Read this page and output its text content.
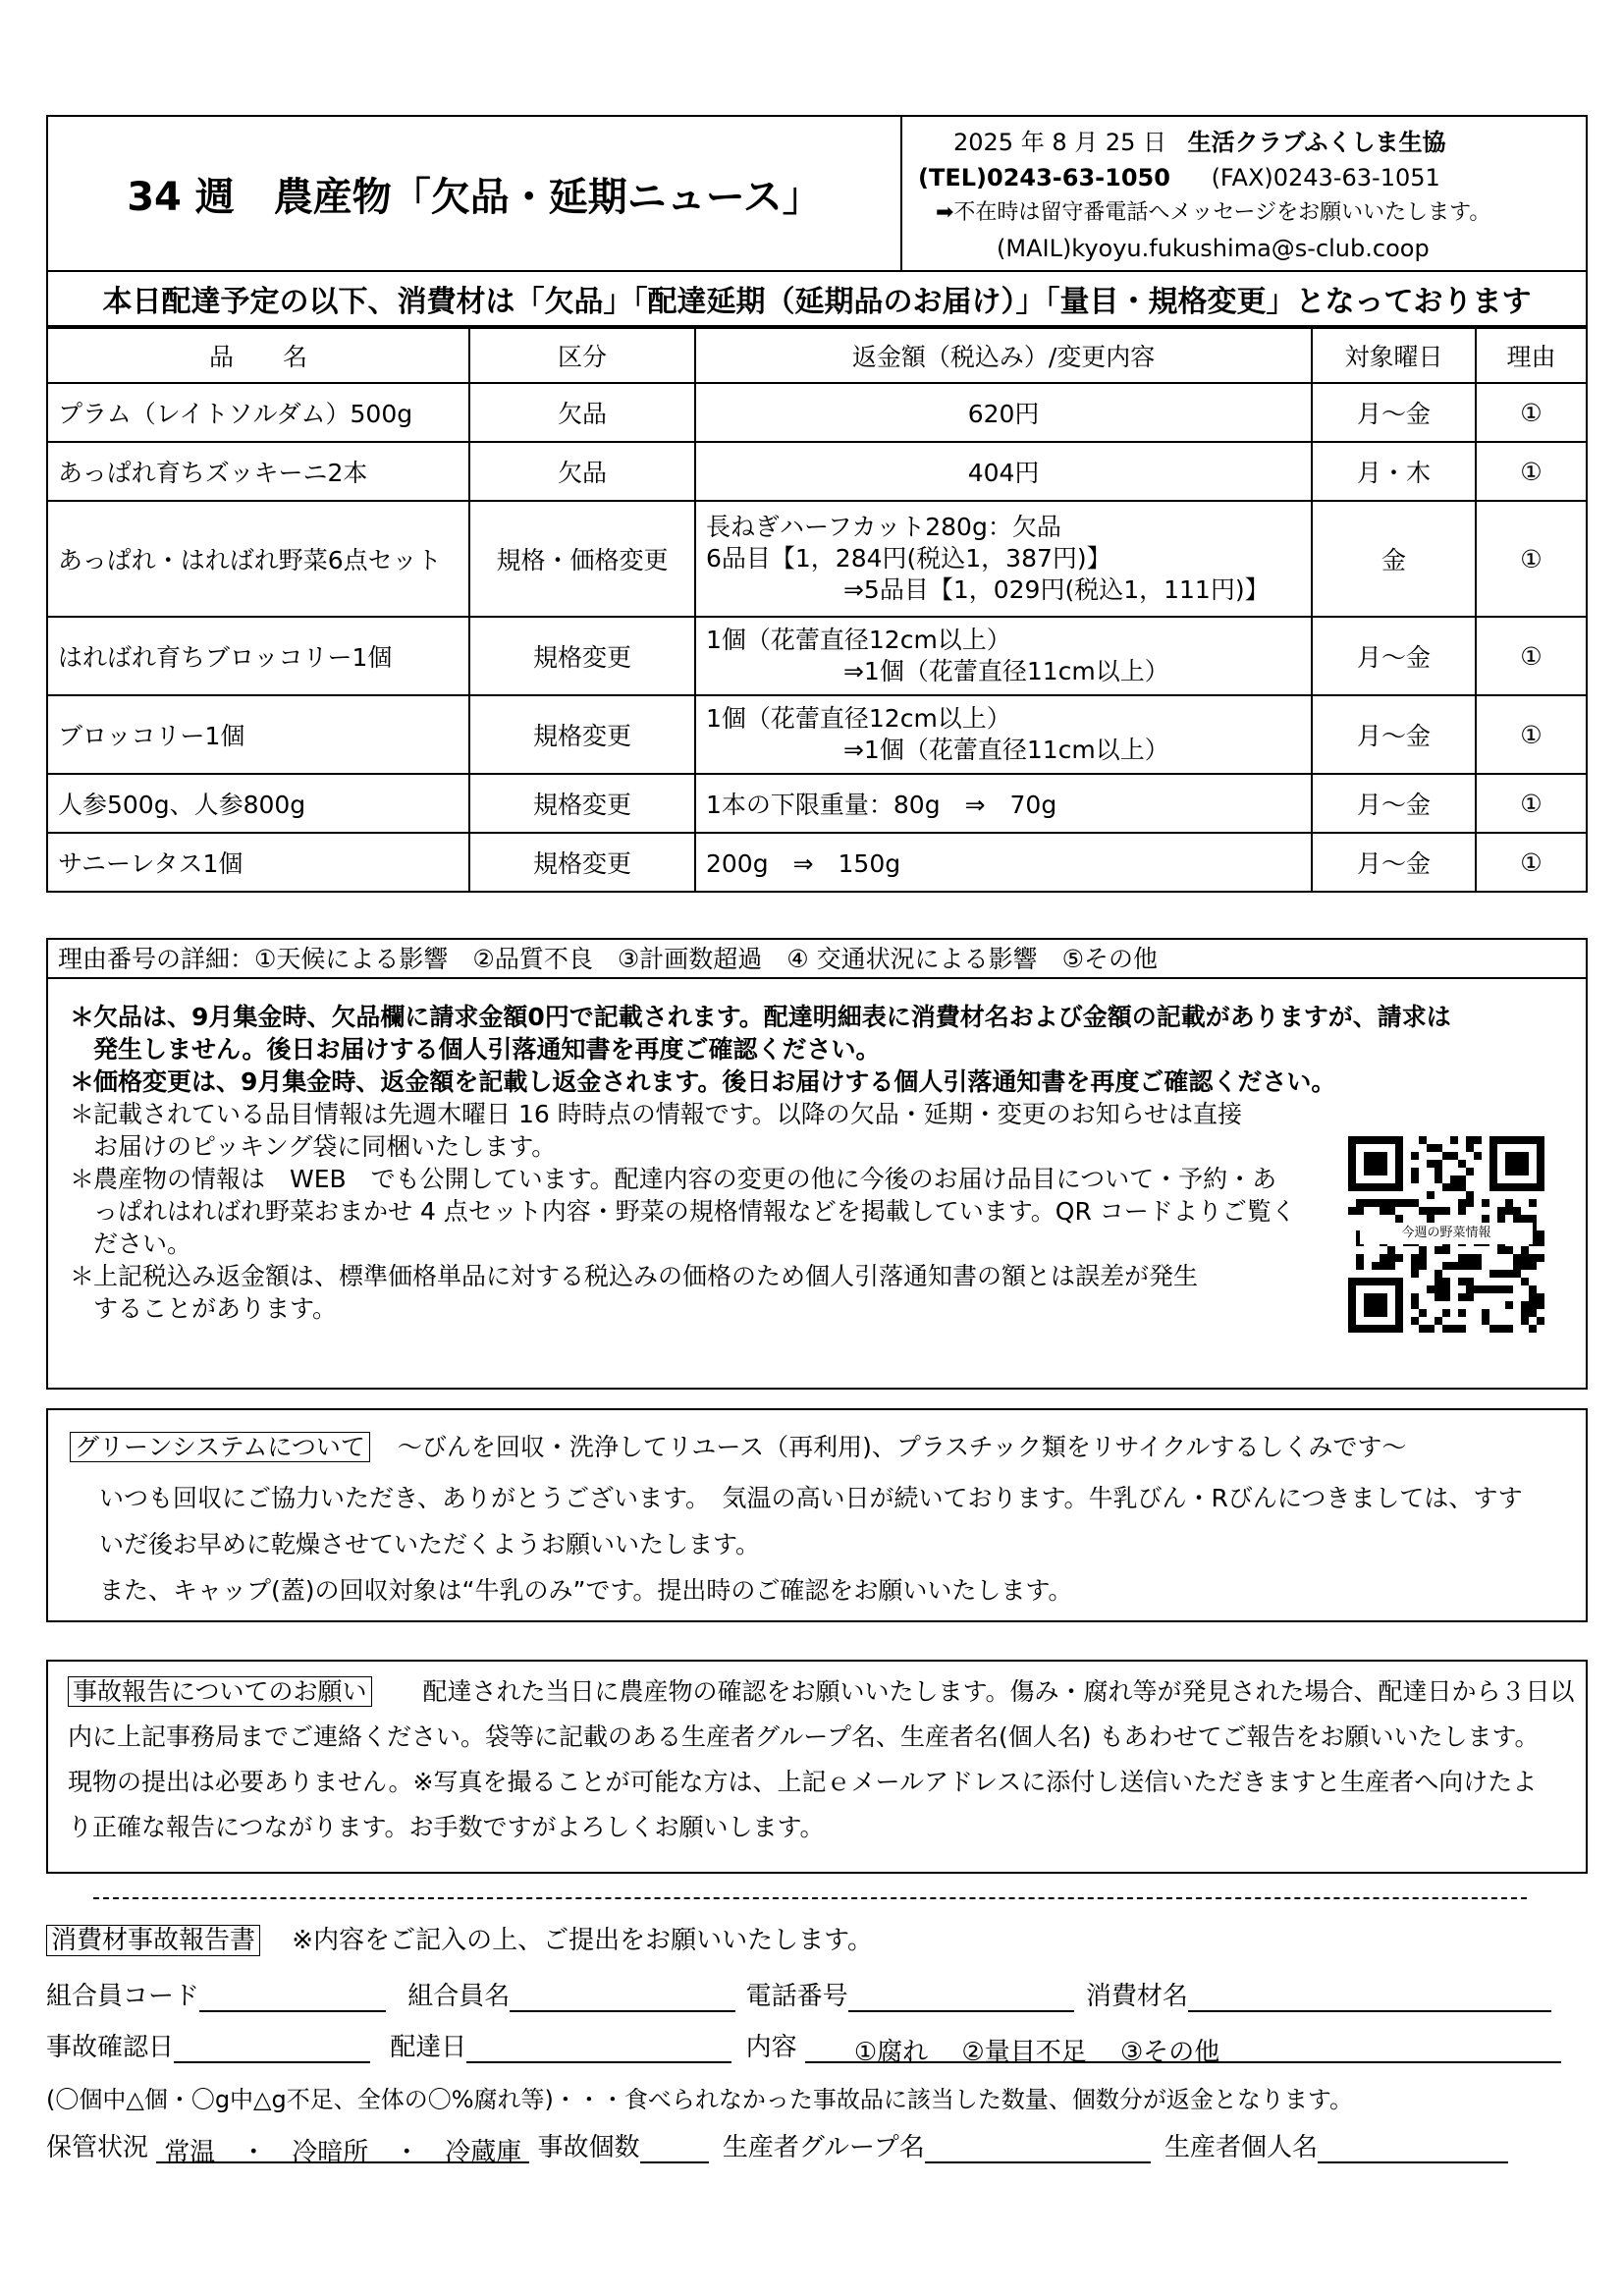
34 週　農産物「欠品・延期ニュース」
2025 年 8 月 25 日 生活クラブふくしま生協
(TEL)0243-63-1050 (FAX)0243-63-1051
➡不在時は留守番電話へメッセージをお願いいたします。
(MAIL)kyoyu.fukushima@s-club.coop
本日配達予定の以下、消費材は「欠品」「配達延期（延期品のお届け）」「量目・規格変更」となっております
品　　名	区分	返金額（税込み）/変更内容	対象曜日	理由
プラム（レイトソルダム）500g	欠品	620円	月～金	①
あっぱれ育ちズッキーニ2本	欠品	404円	月・木	①
あっぱれ・はればれ野菜6点セット	規格・価格変更	長ねぎハーフカット280g：欠品
6品目【1，284円(税込1，387円)】
⇒5品目【1，029円(税込1，111円)】	金	①
はればれ育ちブロッコリー1個	規格変更	1個（花蕾直径12cm以上）
⇒1個（花蕾直径11cm以上）	月～金	①
ブロッコリー1個	規格変更	1個（花蕾直径12cm以上）
⇒1個（花蕾直径11cm以上）	月～金	①
人参500g、人参800g	規格変更	1本の下限重量：80g　⇒　70g	月～金	①
サニーレタス1個	規格変更	200g　⇒　150g	月～金	①
理由番号の詳細：①天候による影響　②品質不良　③計画数超過　④ 交通状況による影響　⑤その他
＊欠品は、9月集金時、欠品欄に請求金額0円で記載されます。配達明細表に消費材名および金額の記載がありますが、請求は
発生しません。後日お届けする個人引落通知書を再度ご確認ください。
＊価格変更は、9月集金時、返金額を記載し返金されます。後日お届けする個人引落通知書を再度ご確認ください。
＊記載されている品目情報は先週木曜日 16 時時点の情報です。以降の欠品・延期・変更のお知らせは直接
お届けのピッキング袋に同梱いたします。
＊農産物の情報は　WEB　でも公開しています。配達内容の変更の他に今後のお届け品目について・予約・あ
っぱれはればれ野菜おまかせ 4 点セット内容・野菜の規格情報などを掲載しています。QR コードよりご覧く
ださい。
＊上記税込み返金額は、標準価格単品に対する税込みの価格のため個人引落通知書の額とは誤差が発生
することがあります。
今週の野菜情報
グリーンシステムについて ～びんを回収・洗浄してリユース（再利用)、プラスチック類をリサイクルするしくみです～
いつも回収にご協力いただき、ありがとうございます。　気温の高い日が続いております。牛乳びん・Rびんにつきましては、すす
いだ後お早めに乾燥させていただくようお願いいたします。
また、キャップ(蓋)の回収対象は“牛乳のみ”です。提出時のご確認をお願いいたします。
事故報告についてのお願い 配達された当日に農産物の確認をお願いいたします。傷み・腐れ等が発見された場合、配達日から３日以
内に上記事務局までご連絡ください。袋等に記載のある生産者グループ名、生産者名(個人名) もあわせてご報告をお願いいたします。
現物の提出は必要ありません。※写真を撮ることが可能な方は、上記ｅメールアドレスに添付し送信いただきますと生産者へ向けたよ
り正確な報告につながります。お手数ですがよろしくお願いします。
消費材事故報告書 ※内容をご記入の上、ご提出をお願いいたします。
組合員コード	組合員名	電話番号	消費材名
事故確認日	配達日	内容 ①腐れ　 ②量目不足　 ③その他
(〇個中△個・〇g中△g不足、全体の〇%腐れ等)・・・食べられなかった事故品に該当した数量、個数分が返金となります。
保管状況 常温　・　冷暗所　・　冷蔵庫 事故個数	生産者グループ名	生産者個人名
